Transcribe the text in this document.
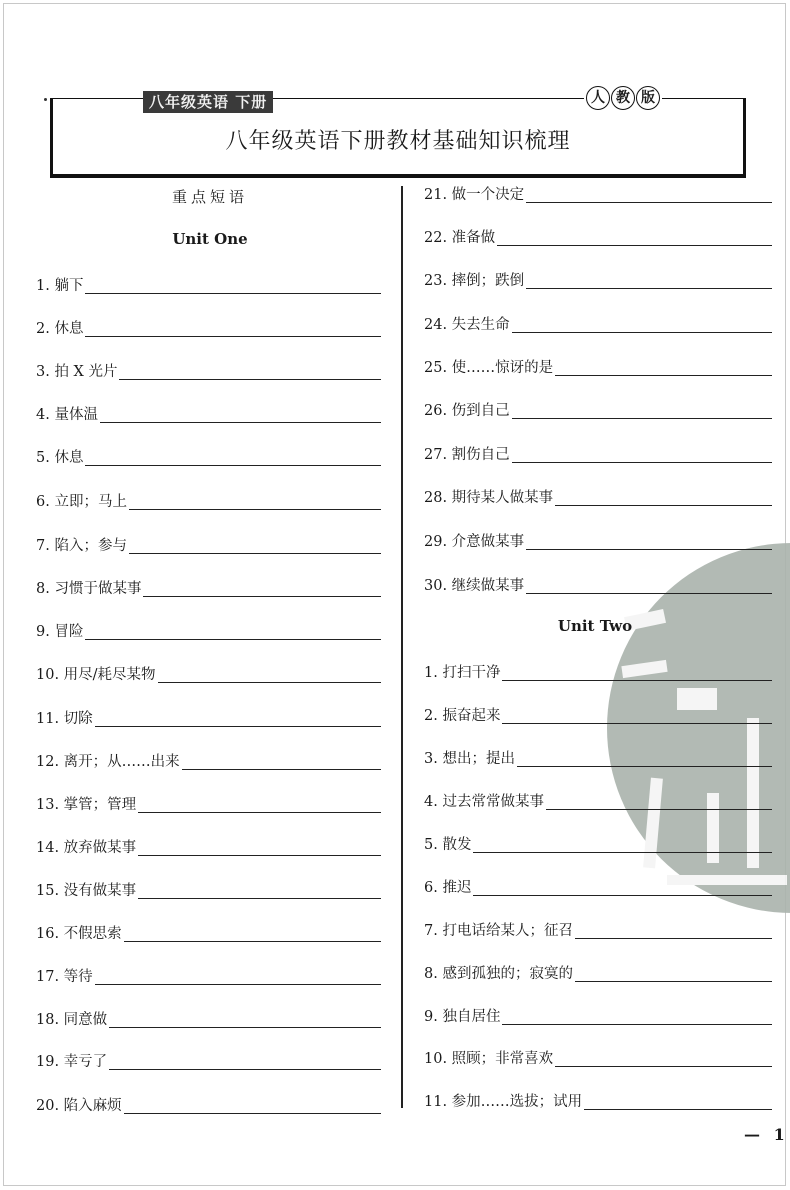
八年级英语 下册	人 教 版
八年级英语下册教材基础知识梳理
重点短语
Unit One
1. 躺下
2. 休息
3. 拍 X 光片
4. 量体温
5. 休息
6. 立即；马上
7. 陷入；参与
8. 习惯于做某事
9. 冒险
10. 用尽/耗尽某物
11. 切除
12. 离开；从……出来
13. 掌管；管理
14. 放弃做某事
15. 没有做某事
16. 不假思索
17. 等待
18. 同意做
19. 幸亏了
20. 陷入麻烦
21. 做一个决定
22. 准备做
23. 摔倒；跌倒
24. 失去生命
25. 使……惊讶的是
26. 伤到自己
27. 割伤自己
28. 期待某人做某事
29. 介意做某事
30. 继续做某事
Unit Two
1. 打扫干净
2. 振奋起来
3. 想出；提出
4. 过去常常做某事
5. 散发
6. 推迟
7. 打电话给某人；征召
8. 感到孤独的；寂寞的
9. 独自居住
10. 照顾；非常喜欢
11. 参加……选拔；试用
— 1
